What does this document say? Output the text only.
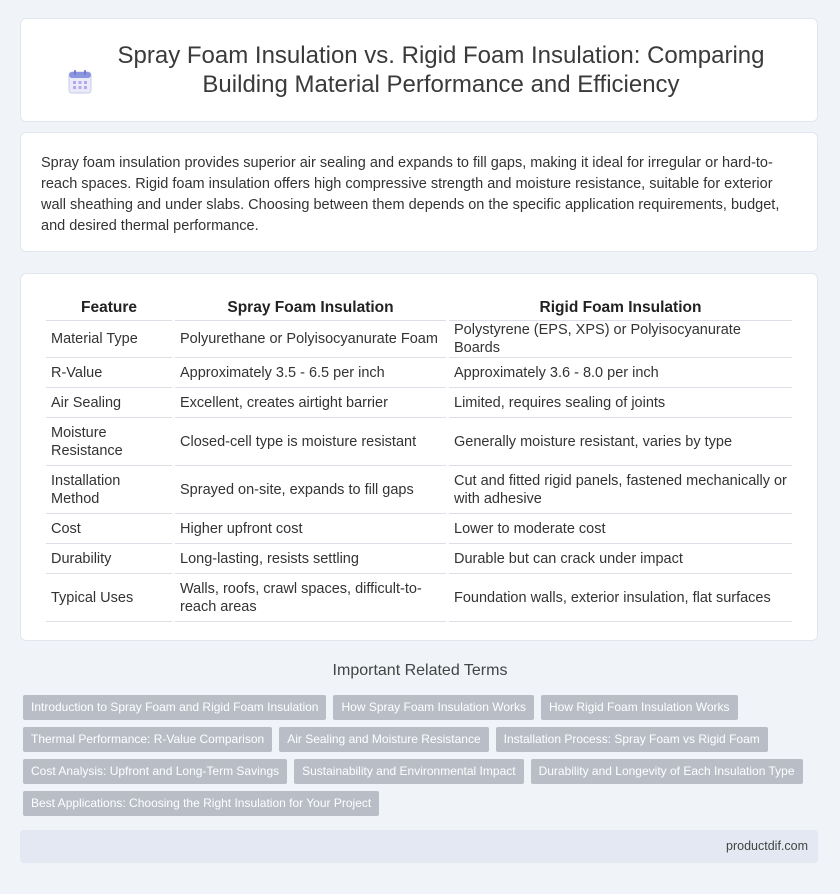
Spray Foam Insulation vs. Rigid Foam Insulation: Comparing Building Material Performance and Efficiency

Spray foam insulation provides superior air sealing and expands to fill gaps, making it ideal for irregular or hard-to-reach spaces. Rigid foam insulation offers high compressive strength and moisture resistance, suitable for exterior wall sheathing and under slabs. Choosing between them depends on the specific application requirements, budget, and desired thermal performance.

Feature	Spray Foam Insulation	Rigid Foam Insulation
Material Type	Polyurethane or Polyisocyanurate Foam	Polystyrene (EPS, XPS) or Polyisocyanurate Boards
R-Value	Approximately 3.5 - 6.5 per inch	Approximately 3.6 - 8.0 per inch
Air Sealing	Excellent, creates airtight barrier	Limited, requires sealing of joints
Moisture Resistance	Closed-cell type is moisture resistant	Generally moisture resistant, varies by type
Installation Method	Sprayed on-site, expands to fill gaps	Cut and fitted rigid panels, fastened mechanically or with adhesive
Cost	Higher upfront cost	Lower to moderate cost
Durability	Long-lasting, resists settling	Durable but can crack under impact
Typical Uses	Walls, roofs, crawl spaces, difficult-to-reach areas	Foundation walls, exterior insulation, flat surfaces
Important Related Terms
Introduction to Spray Foam and Rigid Foam Insulation	How Spray Foam Insulation Works	How Rigid Foam Insulation Works
Thermal Performance: R-Value Comparison	Air Sealing and Moisture Resistance	Installation Process: Spray Foam vs Rigid Foam
Cost Analysis: Upfront and Long-Term Savings	Sustainability and Environmental Impact	Durability and Longevity of Each Insulation Type
Best Applications: Choosing the Right Insulation for Your Project
productdif.com
